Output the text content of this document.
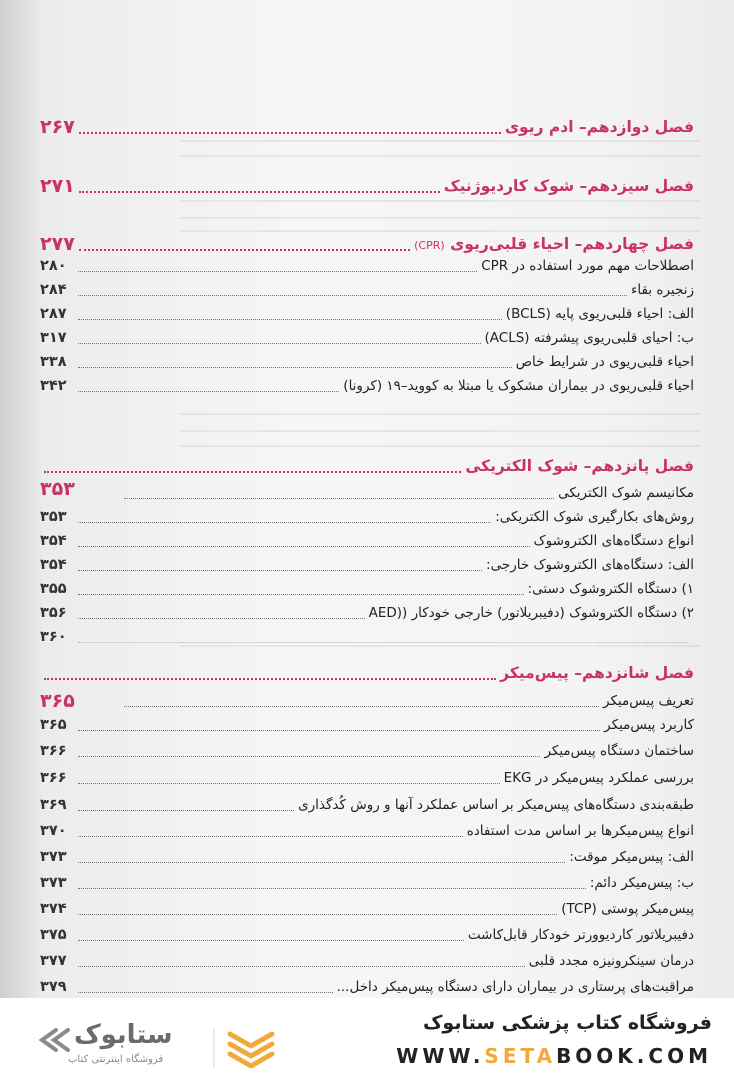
فصل دوازدهم– ادم ریوی
۲۶۷
فصل سیزدهم– شوک کاردیوژنیک
۲۷۱
فصل چهاردهم– احیاء قلبی‌ریوی (CPR)
۲۷۷
اصطلاحات مهم مورد استفاده در CPR
۲۸۰
زنجیره بقاء
۲۸۴
الف: احیاء قلبی‌ریوی پایه (BCLS)
۲۸۷
ب: احیای قلبی‌ریوی پیشرفته (ACLS)
۳۱۷
احیاء قلبی‌ریوی در شرایط خاص
۳۳۸
احیاء قلبی‌ریوی در بیماران مشکوک یا مبتلا به کووید–۱۹ (کرونا)
۳۴۲
فصل پانزدهم– شوک الکتریکی
۳۵۳	مکانیسم شوک الکتریکی
روش‌های بکارگیری شوک الکتریکی:
۳۵۳
انواع دستگاه‌های الکتروشوک
۳۵۴
الف: دستگاه‌های الکتروشوک خارجی:
۳۵۴
۱) دستگاه الکتروشوک دستی:
۳۵۵
۲) دستگاه الکتروشوک (دفیبریلاتور) خارجی خودکار ((AED
۳۵۶
۳۶۰
فصل شانزدهم– پیس‌میکر
۳۶۵	تعریف پیس‌میکر
کاربرد پیس‌میکر
۳۶۵
ساختمان دستگاه پیس‌میکر
۳۶۶
بررسی عملکرد پیس‌میکر در EKG
۳۶۶
طبقه‌بندی دستگاه‌های پیس‌میکر بر اساس عملکرد آنها و روش کُدگذاری
۳۶۹
انواع پیس‌میکرها بر اساس مدت استفاده
۳۷۰
الف: پیس‌میکر موقت:
۳۷۳
ب: پیس‌میکر دائم:
۳۷۳
پیس‌میکر پوستی (TCP)
۳۷۴
دفیبریلاتور کاردیوورتر خودکار قابل‌کاشت
۳۷۵
درمان سینکرونیزه مجدد قلبی
۳۷۷
مراقبت‌های پرستاری در بیماران دارای دستگاه پیس‌میکر داخل...
۳۷۹
ستابوک
فروشگاه اینترنتی کتاب
فروشگاه کتاب پزشکی ستابوک
WWW.SETABOOK.COM
